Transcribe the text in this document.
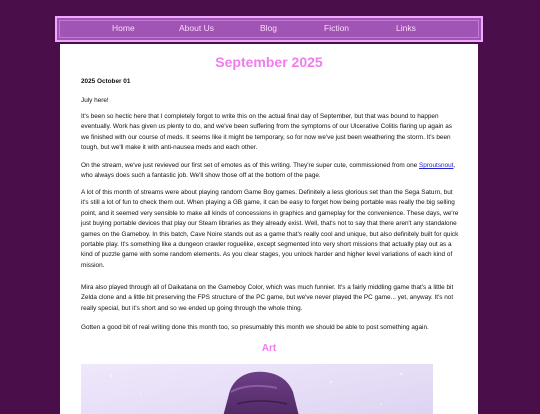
Home	About Us	Blog	Fiction	Links
September 2025
2025 October 01

July here!

It's been so hectic here that I completely forgot to write this on the actual final day of September, but that was bound to happen eventually. Work has given us plenty to do, and we've been suffering from the symptoms of our Ulcerative Colitis flaring up again as we finished with our course of meds. It seems like it might be temporary, so for now we've just been weathering the storm. It's been tough, but we'll make it with anti-nausea meds and each other.

On the stream, we've just revieved our first set of emotes as of this writing. They're super cute, commissioned from one Sproutsnout, who always does such a fantastic job. We'll show those off at the bottom of the page.

A lot of this month of streams were about playing random Game Boy games. Definitely a less glorious set than the Sega Saturn, but it's still a lot of fun to check them out. When playing a GB game, it can be easy to forget how being portable was really the big selling point, and it seemed very sensible to make all kinds of concessions in graphics and gameplay for the convenience. These days, we're just buying portable devices that play our Steam libraries as they already exist. Well, that's not to say that there aren't any standalone games on the Gameboy. In this batch, Cave Noire stands out as a game that's really cool and unique, but also definitely built for quick portable play. It's something like a dungeon crawler roguelike, except segmented into very short missions that actually play out as a kind of puzzle game with some random elements. As you clear stages, you unlock harder and higher level variations of each kind of mission.

Mira also played through all of Daikatana on the Gameboy Color, which was much funnier. It's a fairly middling game that's a little bit Zelda clone and a little bit preserving the FPS structure of the PC game, but we've never played the PC game... yet, anyway. It's not really special, but it's short and so we ended up going through the whole thing.

Gotten a good bit of real writing done this month too, so presumably this month we should be able to post something again.

Art
